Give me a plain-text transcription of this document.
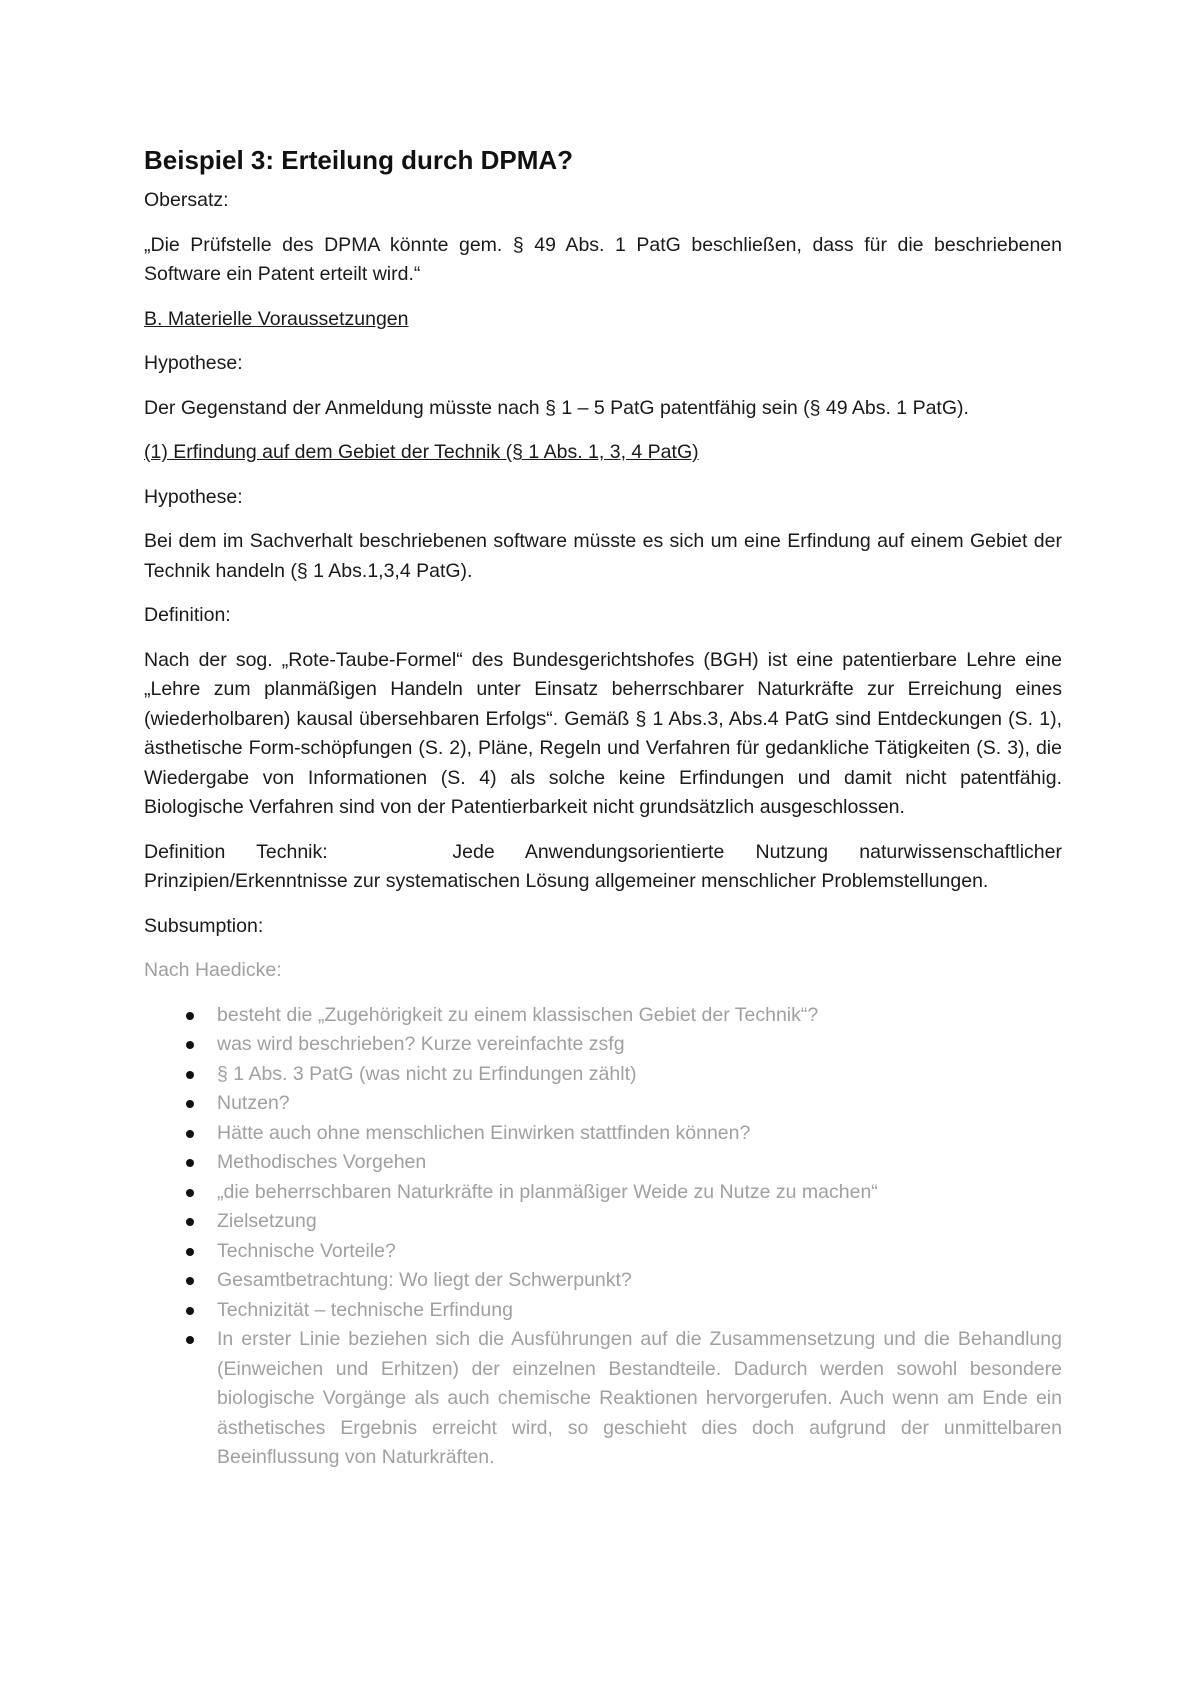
Beispiel 3: Erteilung durch DPMA?

Obersatz:

„Die Prüfstelle des DPMA könnte gem. § 49 Abs. 1 PatG beschließen, dass für die beschriebenen Software ein Patent erteilt wird.“

B. Materielle Voraussetzungen

Hypothese:

Der Gegenstand der Anmeldung müsste nach § 1 – 5 PatG patentfähig sein (§ 49 Abs. 1 PatG).

(1) Erfindung auf dem Gebiet der Technik (§ 1 Abs. 1, 3, 4 PatG)

Hypothese:

Bei dem im Sachverhalt beschriebenen software müsste es sich um eine Erfindung auf einem Gebiet der Technik handeln (§ 1 Abs.1,3,4 PatG).

Definition:

Nach der sog. „Rote-Taube-Formel“ des Bundesgerichtshofes (BGH) ist eine patentierbare Lehre eine „Lehre zum planmäßigen Handeln unter Einsatz beherrschbarer Naturkräfte zur Erreichung eines (wiederholbaren) kausal übersehbaren Erfolgs“. Gemäß § 1 Abs.3, Abs.4 PatG sind Entdeckungen (S. 1), ästhetische Form-schöpfungen (S. 2), Pläne, Regeln und Verfahren für gedankliche Tätigkeiten (S. 3), die Wiedergabe von Informationen (S. 4) als solche keine Erfindungen und damit nicht patentfähig. Biologische Verfahren sind von der Patentierbarkeit nicht grundsätzlich ausgeschlossen.

Definition Technik:    Jede Anwendungsorientierte Nutzung naturwissenschaftlicher Prinzipien/Erkenntnisse zur systematischen Lösung allgemeiner menschlicher Problemstellungen.

Subsumption:

Nach Haedicke:

besteht die „Zugehörigkeit zu einem klassischen Gebiet der Technik“?
was wird beschrieben? Kurze vereinfachte zsfg
§ 1 Abs. 3 PatG (was nicht zu Erfindungen zählt)
Nutzen?
Hätte auch ohne menschlichen Einwirken stattfinden können?
Methodisches Vorgehen
„die beherrschbaren Naturkräfte in planmäßiger Weide zu Nutze zu machen“
Zielsetzung
Technische Vorteile?
Gesamtbetrachtung: Wo liegt der Schwerpunkt?
Technizität – technische Erfindung
In erster Linie beziehen sich die Ausführungen auf die Zusammensetzung und die Behandlung (Einweichen und Erhitzen) der einzelnen Bestandteile. Dadurch werden sowohl besondere biologische Vorgänge als auch chemische Reaktionen hervorgerufen. Auch wenn am Ende ein ästhetisches Ergebnis erreicht wird, so geschieht dies doch aufgrund der unmittelbaren Beeinflussung von Naturkräften.
